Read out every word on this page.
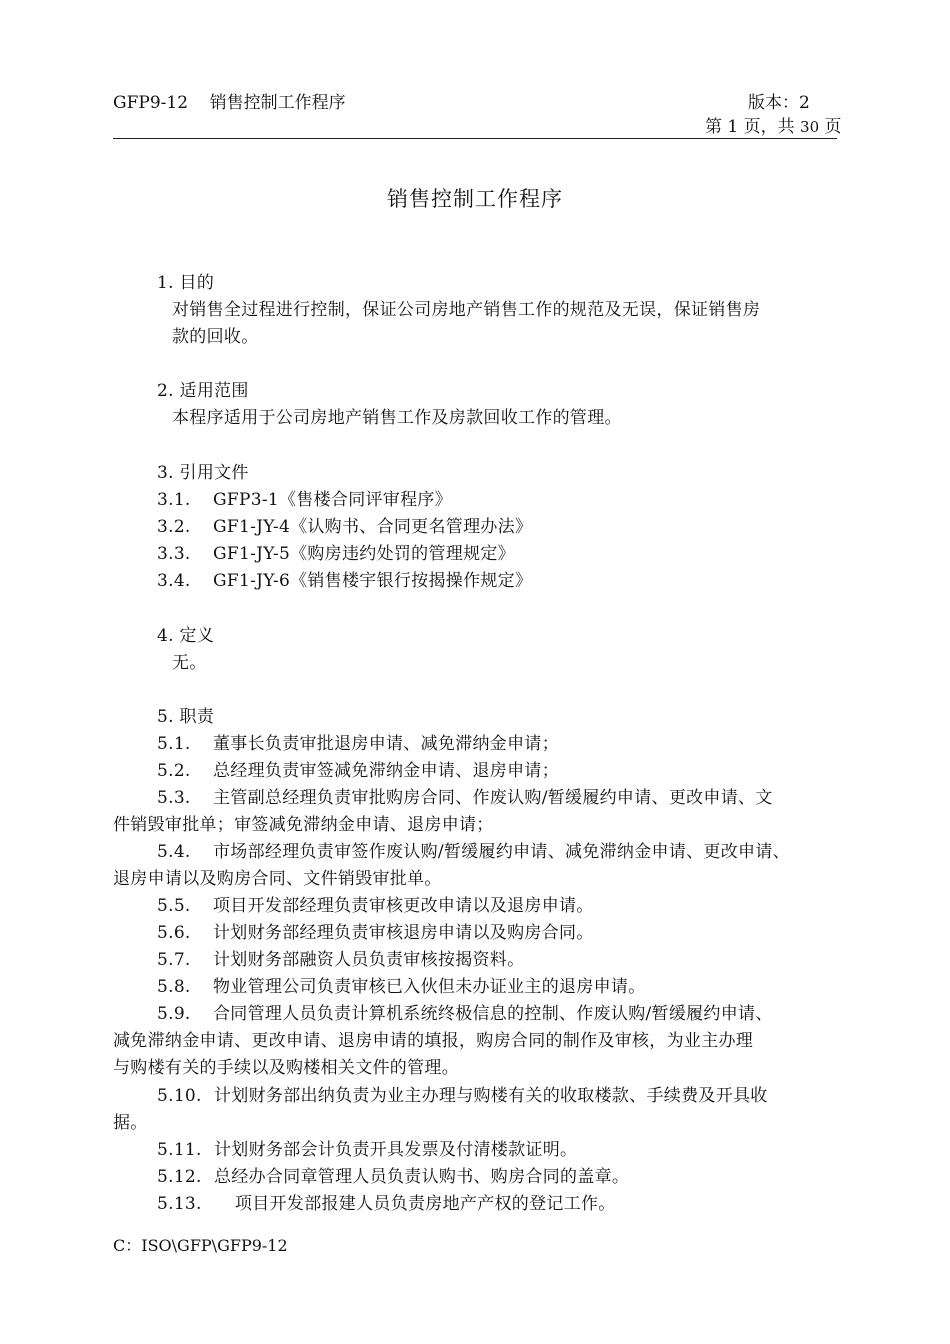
GFP9-12 销售控制工作程序	版本：2
第 1 页，共 30 页
销售控制工作程序
1. 目的
对销售全过程进行控制，保证公司房地产销售工作的规范及无误，保证销售房
款的回收。
2. 适用范围
本程序适用于公司房地产销售工作及房款回收工作的管理。
3. 引用文件
3.1. GFP3-1《售楼合同评审程序》
3.2. GF1-JY-4《认购书、合同更名管理办法》
3.3. GF1-JY-5《购房违约处罚的管理规定》
3.4. GF1-JY-6《销售楼宇银行按揭操作规定》
4. 定义
无。
5. 职责
5.1. 董事长负责审批退房申请、减免滞纳金申请；
5.2. 总经理负责审签减免滞纳金申请、退房申请；
5.3. 主管副总经理负责审批购房合同、作废认购/暂缓履约申请、更改申请、文
件销毁审批单；审签减免滞纳金申请、退房申请；
5.4. 市场部经理负责审签作废认购/暂缓履约申请、减免滞纳金申请、更改申请、
退房申请以及购房合同、文件销毁审批单。
5.5. 项目开发部经理负责审核更改申请以及退房申请。
5.6. 计划财务部经理负责审核退房申请以及购房合同。
5.7. 计划财务部融资人员负责审核按揭资料。
5.8. 物业管理公司负责审核已入伙但未办证业主的退房申请。
5.9. 合同管理人员负责计算机系统终极信息的控制、作废认购/暂缓履约申请、
减免滞纳金申请、更改申请、退房申请的填报，购房合同的制作及审核，为业主办理
与购楼有关的手续以及购楼相关文件的管理。
5.10. 计划财务部出纳负责为业主办理与购楼有关的收取楼款、手续费及开具收
据。
5.11. 计划财务部会计负责开具发票及付清楼款证明。
5.12. 总经办合同章管理人员负责认购书、购房合同的盖章。
5.13. 项目开发部报建人员负责房地产产权的登记工作。
C：ISO\GFP\GFP9-12
